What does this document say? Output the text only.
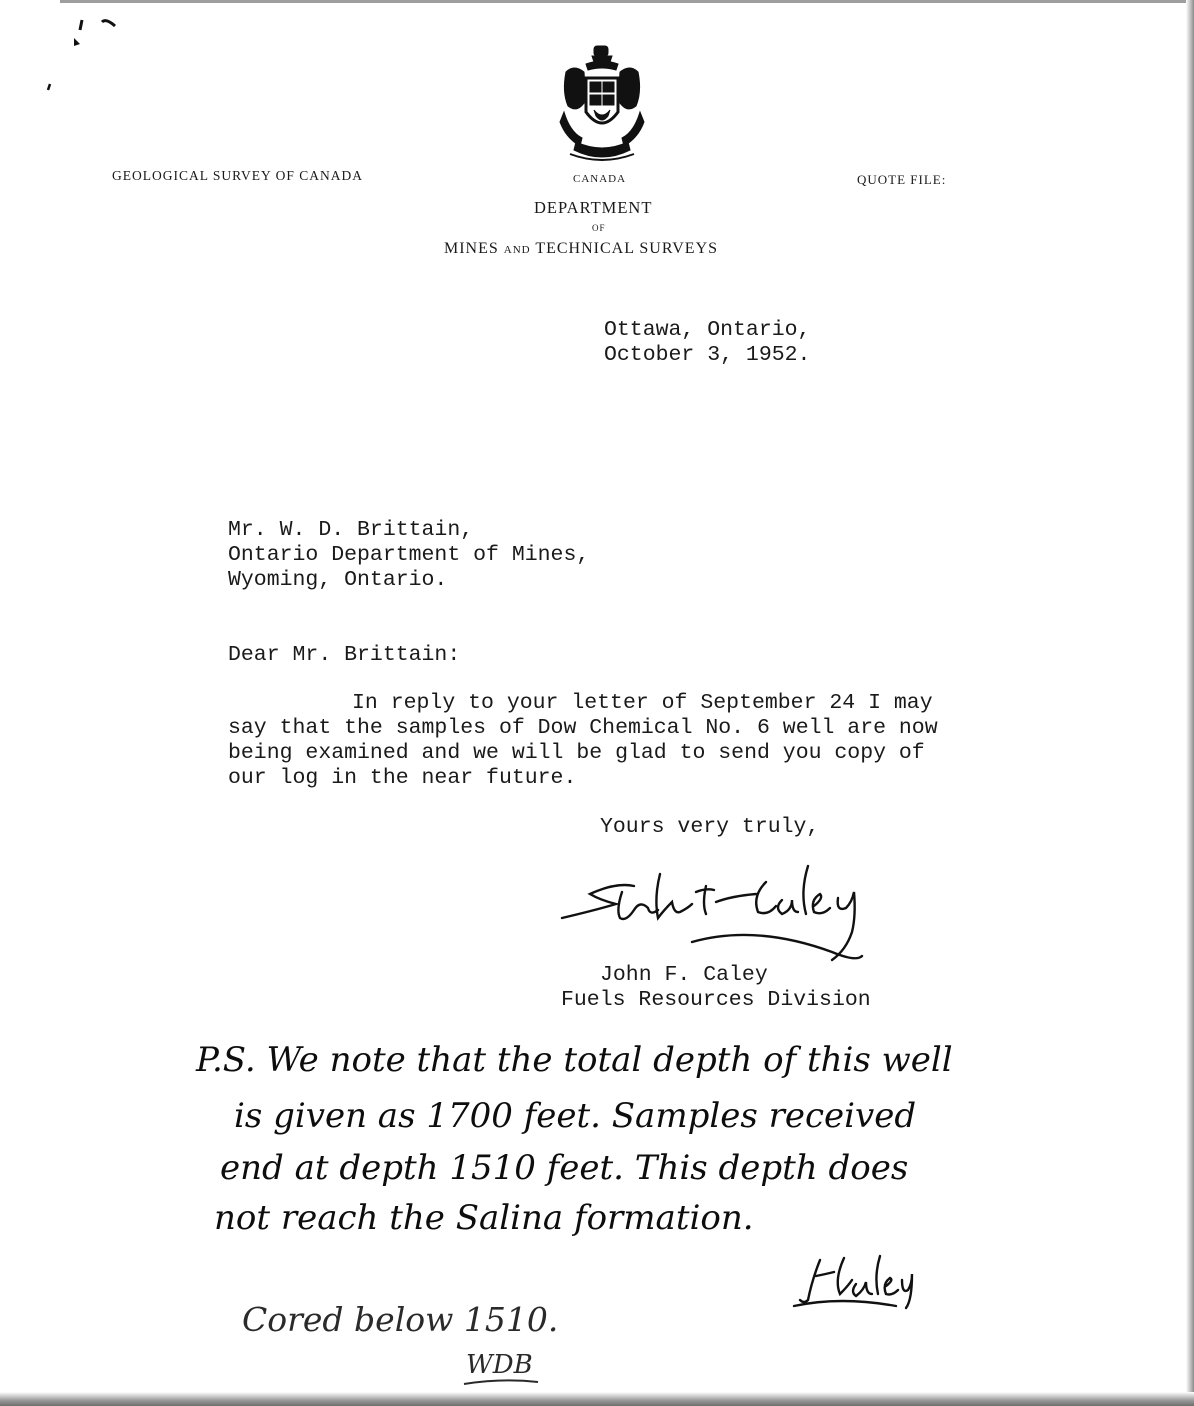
GEOLOGICAL SURVEY OF CANADA	CANADA	QUOTE FILE:
DEPARTMENT
OF
MINES AND TECHNICAL SURVEYS
Ottawa, Ontario,
October 3, 1952.
Mr. W. D. Brittain,
Ontario Department of Mines,
Wyoming, Ontario.
Dear Mr. Brittain:
In reply to your letter of September 24 I may
say that the samples of Dow Chemical No. 6 well are now
being examined and we will be glad to send you copy of
our log in the near future.
Yours very truly,
John F. Caley
Fuels Resources Division
P.S. We note that the total depth of this well
is given as 1700 feet. Samples received
end at depth 1510 feet. This depth does
not reach the Salina formation.
Cored below 1510.
WDB
